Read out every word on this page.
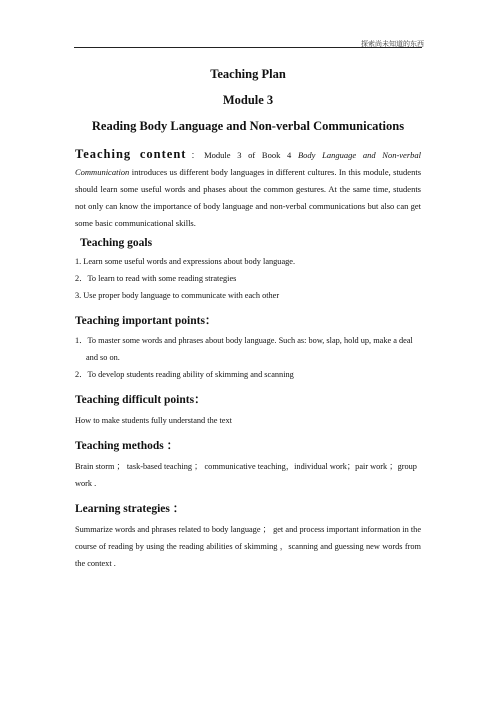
探索尚未知道的东西
Teaching Plan
Module 3
Reading Body Language and Non-verbal Communications

Teaching content：Module 3 of Book 4 Body Language and Non-verbal Communication introduces us different body languages in different cultures. In this module, students should learn some useful words and phases about the common gestures. At the same time, students not only can know the importance of body language and non-verbal communications but also can get some basic communicational skills.

Teaching goals

1. Learn some useful words and expressions about body language.

2．To learn to read with some reading strategies

3. Use proper body language to communicate with each other

Teaching important points：

1．To master some words and phrases about body language. Such as: bow, slap, hold up, make a deal and so on.

2．To develop students reading ability of skimming and scanning

Teaching difficult points：

How to make students fully understand the text

Teaching methods ：

Brain storm ； task-based teaching ； communicative teaching，individual work；pair work ；group work .

Learning strategies ：

Summarize words and phrases related to body language ； get and process important information in the course of reading by using the reading abilities of skimming ，scanning and guessing new words from the context .
